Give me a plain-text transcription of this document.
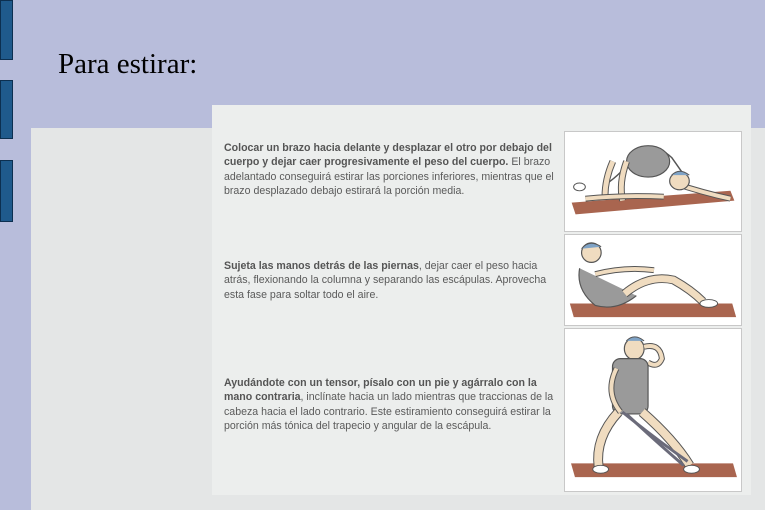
Para estirar:
Colocar un brazo hacia delante y desplazar el otro por debajo del cuerpo y dejar caer progresivamente el peso del cuerpo. El brazo adelantado conseguirá estirar las porciones inferiores, mientras que el brazo desplazado debajo estirará la porción media.
Sujeta las manos detrás de las piernas, dejar caer el peso hacia atrás, flexionando la columna y separando las escápulas. Aprovecha esta fase para soltar todo el aire.
Ayudándote con un tensor, písalo con un pie y agárralo con la mano contraria, inclínate hacia un lado mientras que traccionas de la cabeza hacia el lado contrario. Este estiramiento conseguirá estirar la porción más tónica del trapecio y angular de la escápula.
